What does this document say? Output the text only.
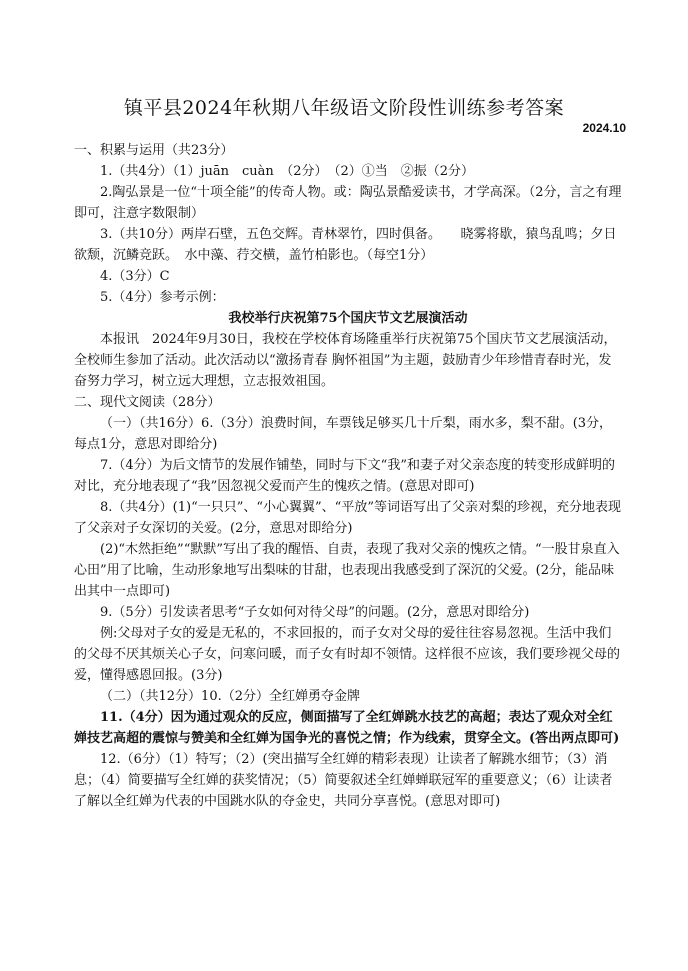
镇平县2024年秋期八年级语文阶段性训练参考答案
2024.10

一、积累与运用（共23分）

1.（共4分）（1）juān　cuàn　（2分）　（2）①当　②振（2分）

2.陶弘景是一位“十项全能”的传奇人物。或：陶弘景酷爱读书，才学高深。（2分，言之有理即可，注意字数限制）

3.（共10分）两岸石壁，五色交辉。青林翠竹，四时俱备。　　晓雾将歇，猿鸟乱鸣；夕日欲颓，沉鳞竞跃。　水中藻、荇交横，盖竹柏影也。（每空1分）

4.（3分）C

5.（4分）参考示例：

我校举行庆祝第75个国庆节文艺展演活动

本报讯　2024年9月30日，我校在学校体育场隆重举行庆祝第75个国庆节文艺展演活动，全校师生参加了活动。此次活动以“激扬青春 胸怀祖国”为主题，鼓励青少年珍惜青春时光，发奋努力学习，树立远大理想，立志报效祖国。

二、现代文阅读（28分）

（一）（共16分）6.（3分）浪费时间，车票钱足够买几十斤梨，雨水多，梨不甜。(3分，每点1分，意思对即给分)

7.（4分）为后文情节的发展作铺垫，同时与下文“我”和妻子对父亲态度的转变形成鲜明的对比，充分地表现了“我”因忽视父爱而产生的愧疚之情。(意思对即可)

8.（共4分）(1)“一只只”、“小心翼翼”、“平放”等词语写出了父亲对梨的珍视，充分地表现了父亲对子女深切的关爱。(2分，意思对即给分)

(2)“木然拒绝”“默默”写出了我的醒悟、自责，表现了我对父亲的愧疚之情。“一股甘泉直入心田”用了比喻，生动形象地写出梨味的甘甜，也表现出我感受到了深沉的父爱。(2分，能品味出其中一点即可)

9.（5分）引发读者思考“子女如何对待父母”的问题。(2分，意思对即给分)

例:父母对子女的爱是无私的，不求回报的，而子女对父母的爱往往容易忽视。生活中我们的父母不厌其烦关心子女，问寒问暖，而子女有时却不领情。这样很不应该，我们要珍视父母的爱，懂得感恩回报。(3分)

（二）（共12分）10.（2分）全红婵勇夺金牌

11.（4分）因为通过观众的反应，侧面描写了全红婵跳水技艺的高超；表达了观众对全红婵技艺高超的震惊与赞美和全红婵为国争光的喜悦之情；作为线索，贯穿全文。(答出两点即可)

12.（6分）（1）特写；（2）(突出描写全红婵的精彩表现）让读者了解跳水细节；（3）消息；（4）简要描写全红婵的获奖情况；（5）简要叙述全红婵蝉联冠军的重要意义；（6）让读者了解以全红婵为代表的中国跳水队的夺金史，共同分享喜悦。(意思对即可)
